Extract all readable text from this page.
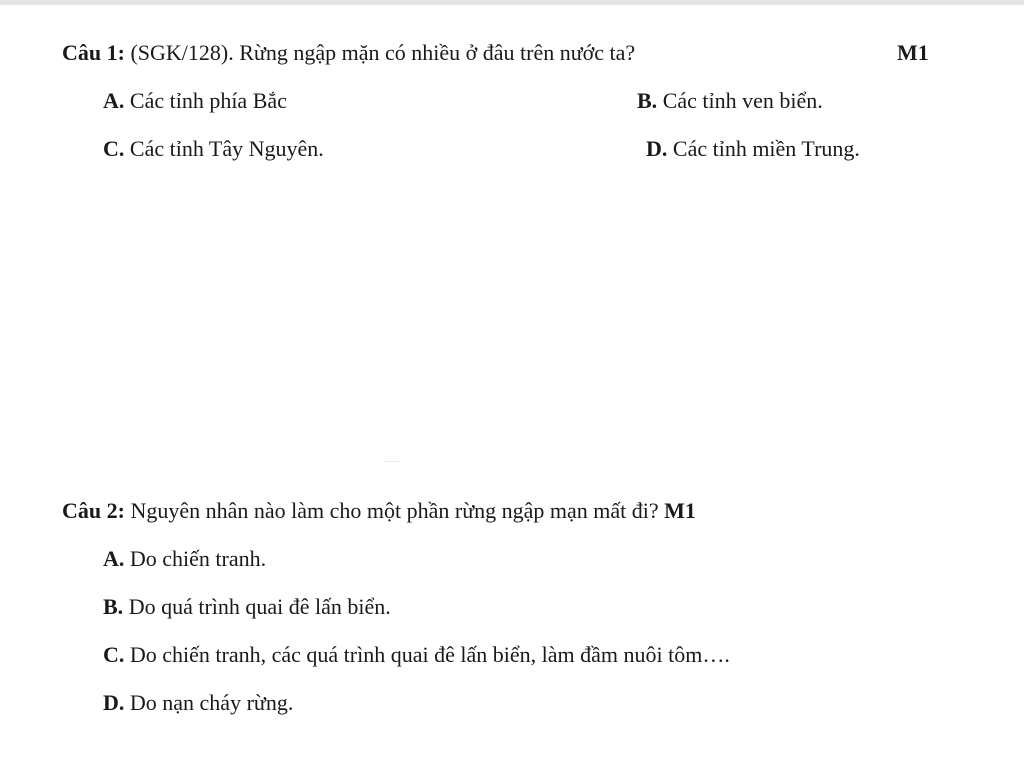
Câu 1: (SGK/128). Rừng ngập mặn có nhiều ở đâu trên nước ta?	M1
A. Các tỉnh phía Bắc	B. Các tỉnh ven biển.
C. Các tỉnh Tây Nguyên.	D. Các tỉnh miền Trung.
Câu 2: Nguyên nhân nào làm cho một phần rừng ngập mạn mất đi? M1
A. Do chiến tranh.
B. Do quá trình quai đê lấn biển.
C. Do chiến tranh, các quá trình quai đê lấn biển, làm đầm nuôi tôm….
D. Do nạn cháy rừng.
